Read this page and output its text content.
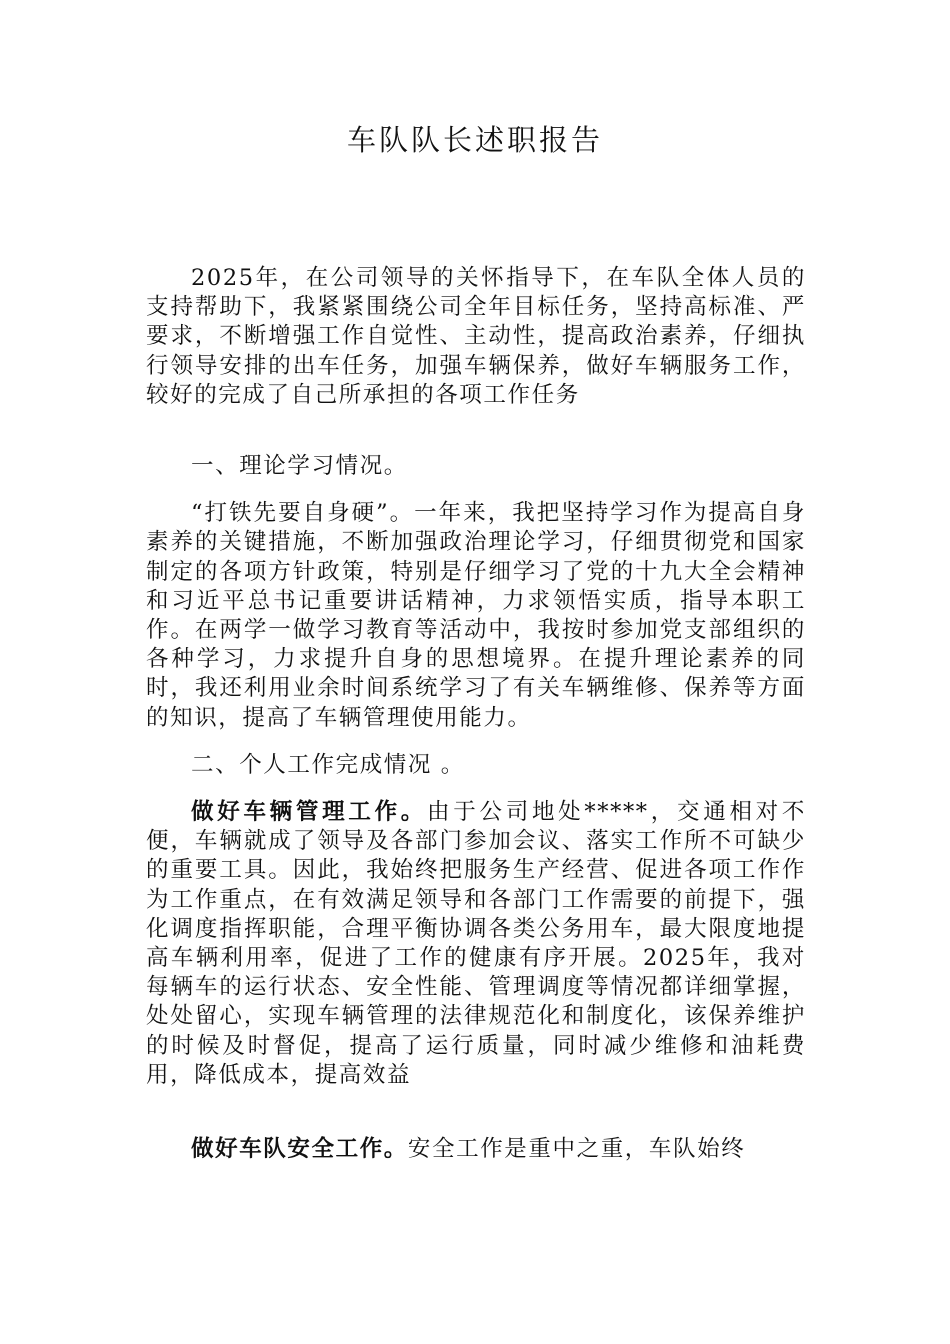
车队队长述职报告

2025年，在公司领导的关怀指导下，在车队全体人员的支持帮助下，我紧紧围绕公司全年目标任务，坚持高标准、严要求，不断增强工作自觉性、主动性，提高政治素养，仔细执行领导安排的出车任务，加强车辆保养，做好车辆服务工作，较好的完成了自己所承担的各项工作任务

一、理论学习情况。

“打铁先要自身硬”。一年来，我把坚持学习作为提高自身素养的关键措施，不断加强政治理论学习，仔细贯彻党和国家制定的各项方针政策，特别是仔细学习了党的十九大全会精神和习近平总书记重要讲话精神，力求领悟实质，指导本职工作。在两学一做学习教育等活动中，我按时参加党支部组织的各种学习，力求提升自身的思想境界。在提升理论素养的同时，我还利用业余时间系统学习了有关车辆维修、保养等方面的知识，提高了车辆管理使用能力。

二、个人工作完成情况 。

做好车辆管理工作。由于公司地处*****，交通相对不便，车辆就成了领导及各部门参加会议、落实工作所不可缺少的重要工具。因此，我始终把服务生产经营、促进各项工作作为工作重点，在有效满足领导和各部门工作需要的前提下，强化调度指挥职能，合理平衡协调各类公务用车，最大限度地提高车辆利用率，促进了工作的健康有序开展。2025年，我对每辆车的运行状态、安全性能、管理调度等情况都详细掌握，处处留心，实现车辆管理的法律规范化和制度化，该保养维护的时候及时督促，提高了运行质量，同时减少维修和油耗费用，降低成本，提高效益

做好车队安全工作。安全工作是重中之重，车队始终
